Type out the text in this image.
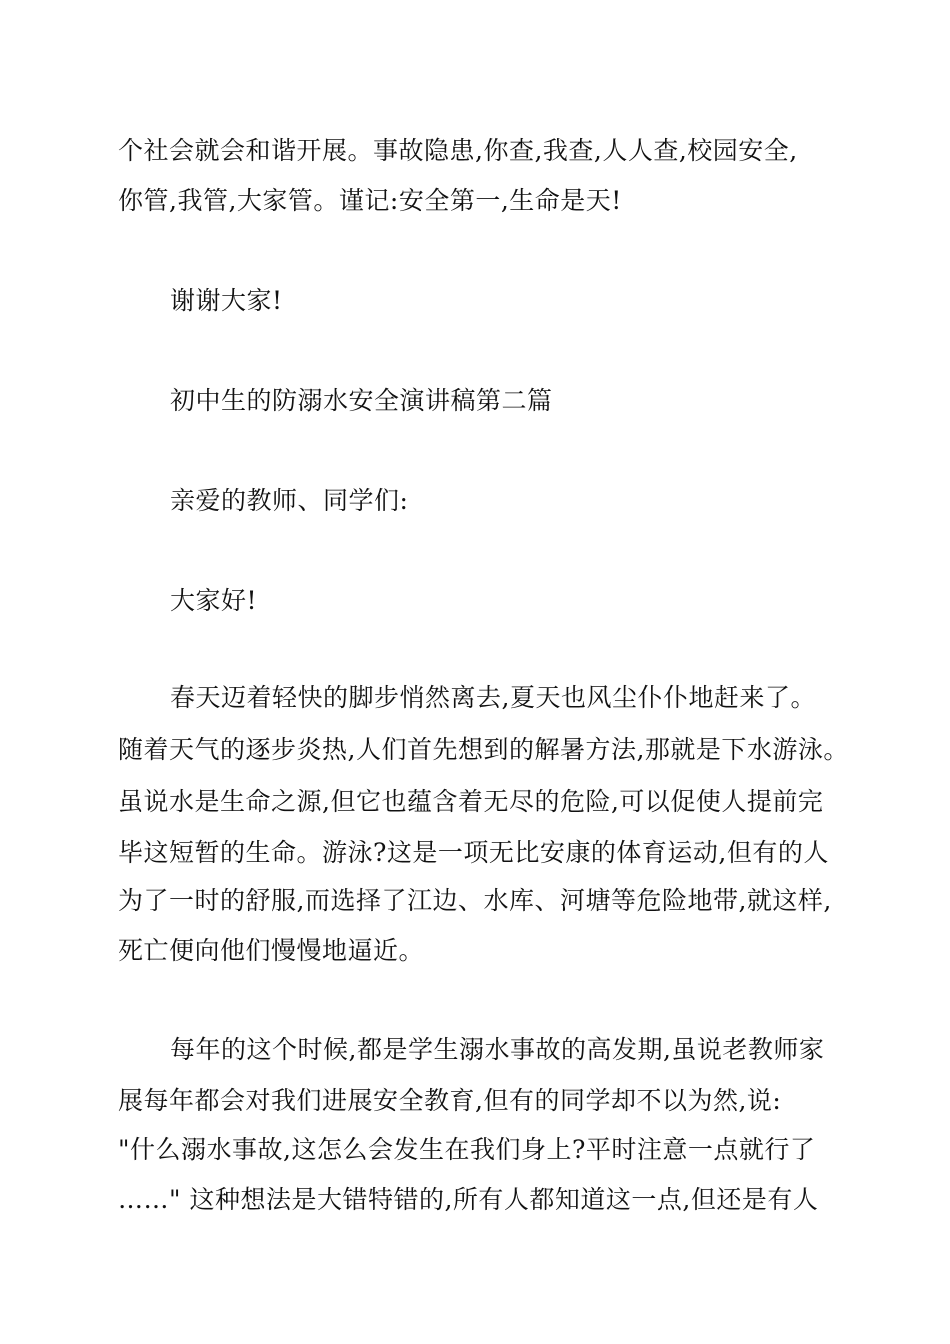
个社会就会和谐开展。事故隐患,你查,我查,人人查,校园安全,
你管,我管,大家管。谨记:安全第一,生命是天!
谢谢大家!
初中生的防溺水安全演讲稿第二篇
亲爱的教师、同学们:
大家好!
春天迈着轻快的脚步悄然离去,夏天也风尘仆仆地赶来了。
随着天气的逐步炎热,人们首先想到的解暑方法,那就是下水游泳。
虽说水是生命之源,但它也蕴含着无尽的危险,可以促使人提前完
毕这短暂的生命。游泳?这是一项无比安康的体育运动,但有的人
为了一时的舒服,而选择了江边、水库、河塘等危险地带,就这样,
死亡便向他们慢慢地逼近。
每年的这个时候,都是学生溺水事故的高发期,虽说老教师家
展每年都会对我们进展安全教育,但有的同学却不以为然,说:
"什么溺水事故,这怎么会发生在我们身上?平时注意一点就行了
……" 这种想法是大错特错的,所有人都知道这一点,但还是有人
